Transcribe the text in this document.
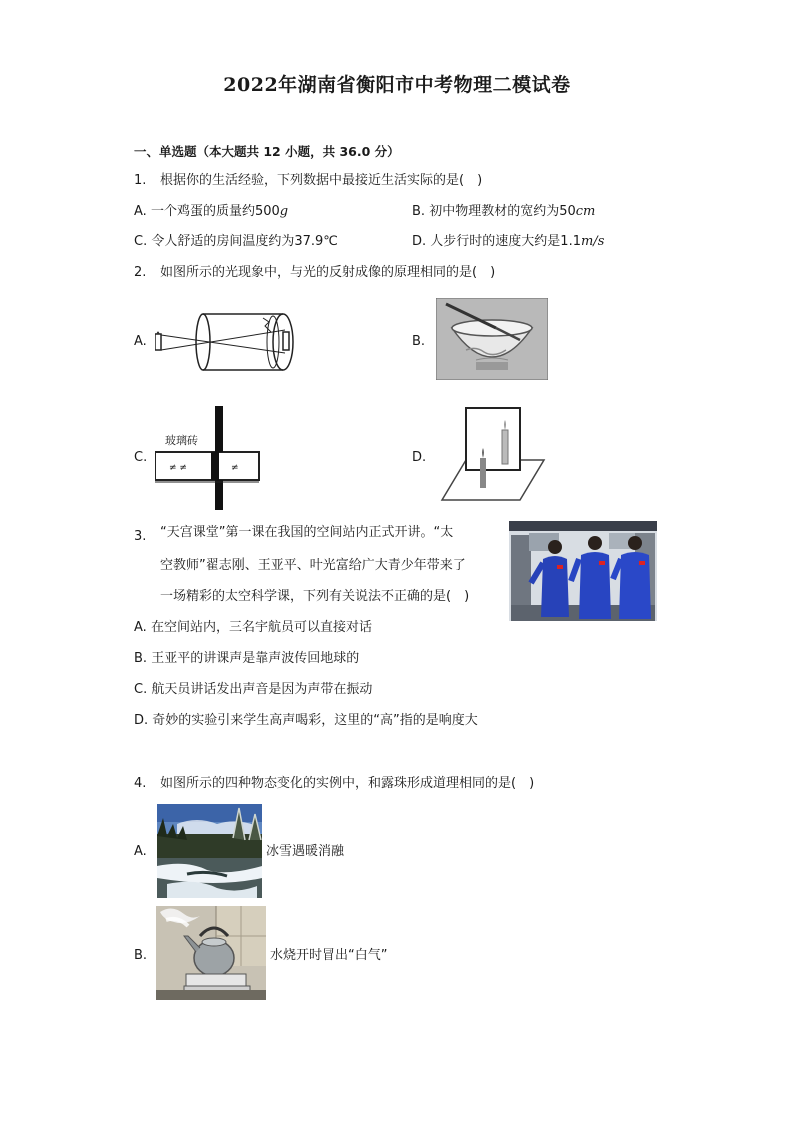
2022年湖南省衡阳市中考物理二模试卷
一、单选题（本大题共 12 小题，共 36.0 分）
1. 根据你的生活经验，下列数据中最接近生活实际的是(　)
A. 一个鸡蛋的质量约500g	B. 初中物理教材的宽约为50cm
C. 令人舒适的房间温度约为37.9℃	D. 人步行时的速度大约是1.1m/s
2. 如图所示的光现象中，与光的反射成像的原理相同的是(　)
A.	B.
C.
≠ ≠	≠
玻璃砖
D.
3. “天宫课堂”第一课在我国的空间站内正式开讲。“太
空教师”翟志刚、王亚平、叶光富给广大青少年带来了
一场精彩的太空科学课，下列有关说法不正确的是(　)
A. 在空间站内，三名宇航员可以直接对话
B. 王亚平的讲课声是靠声波传回地球的
C. 航天员讲话发出声音是因为声带在振动
D. 奇妙的实验引来学生高声喝彩，这里的“高”指的是响度大
4. 如图所示的四种物态变化的实例中，和露珠形成道理相同的是(　)
A.	冰雪遇暖消融
B.	水烧开时冒出“白气”
